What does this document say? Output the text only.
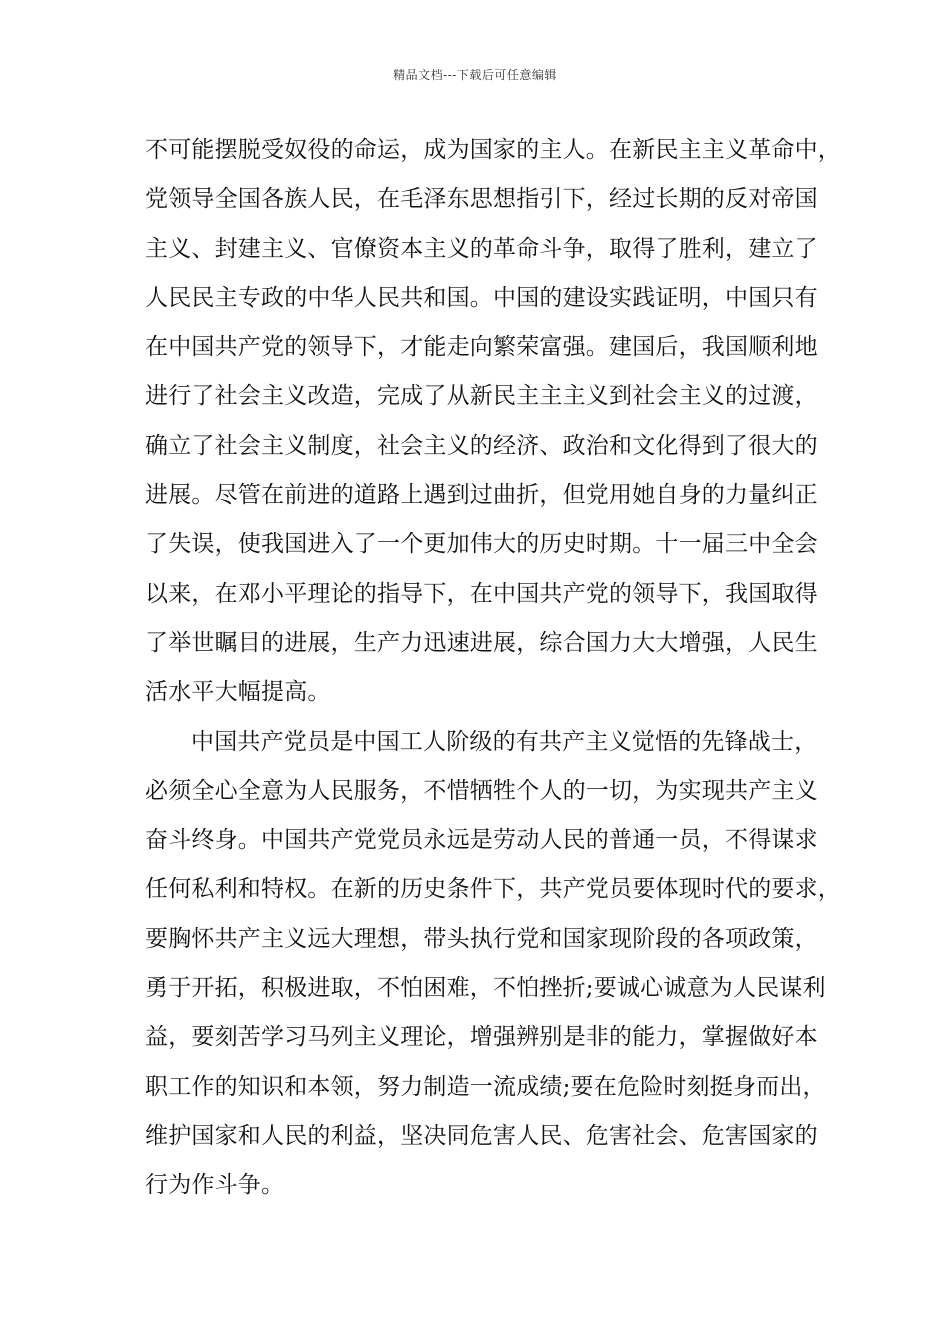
精品文档---下载后可任意编辑
不可能摆脱受奴役的命运，成为国家的主人。在新民主主义革命中，
党领导全国各族人民，在毛泽东思想指引下，经过长期的反对帝国
主义、封建主义、官僚资本主义的革命斗争，取得了胜利，建立了
人民民主专政的中华人民共和国。中国的建设实践证明，中国只有
在中国共产党的领导下，才能走向繁荣富强。建国后，我国顺利地
进行了社会主义改造，完成了从新民主主主义到社会主义的过渡，
确立了社会主义制度，社会主义的经济、政治和文化得到了很大的
进展。尽管在前进的道路上遇到过曲折，但党用她自身的力量纠正
了失误，使我国进入了一个更加伟大的历史时期。十一届三中全会
以来，在邓小平理论的指导下，在中国共产党的领导下，我国取得
了举世瞩目的进展，生产力迅速进展，综合国力大大增强，人民生
活水平大幅提高。
中国共产党员是中国工人阶级的有共产主义觉悟的先锋战士，
必须全心全意为人民服务，不惜牺牲个人的一切，为实现共产主义
奋斗终身。中国共产党党员永远是劳动人民的普通一员，不得谋求
任何私利和特权。在新的历史条件下，共产党员要体现时代的要求，
要胸怀共产主义远大理想，带头执行党和国家现阶段的各项政策，
勇于开拓，积极进取，不怕困难，不怕挫折;要诚心诚意为人民谋利
益，要刻苦学习马列主义理论，增强辨别是非的能力，掌握做好本
职工作的知识和本领，努力制造一流成绩;要在危险时刻挺身而出，
维护国家和人民的利益，坚决同危害人民、危害社会、危害国家的
行为作斗争。
